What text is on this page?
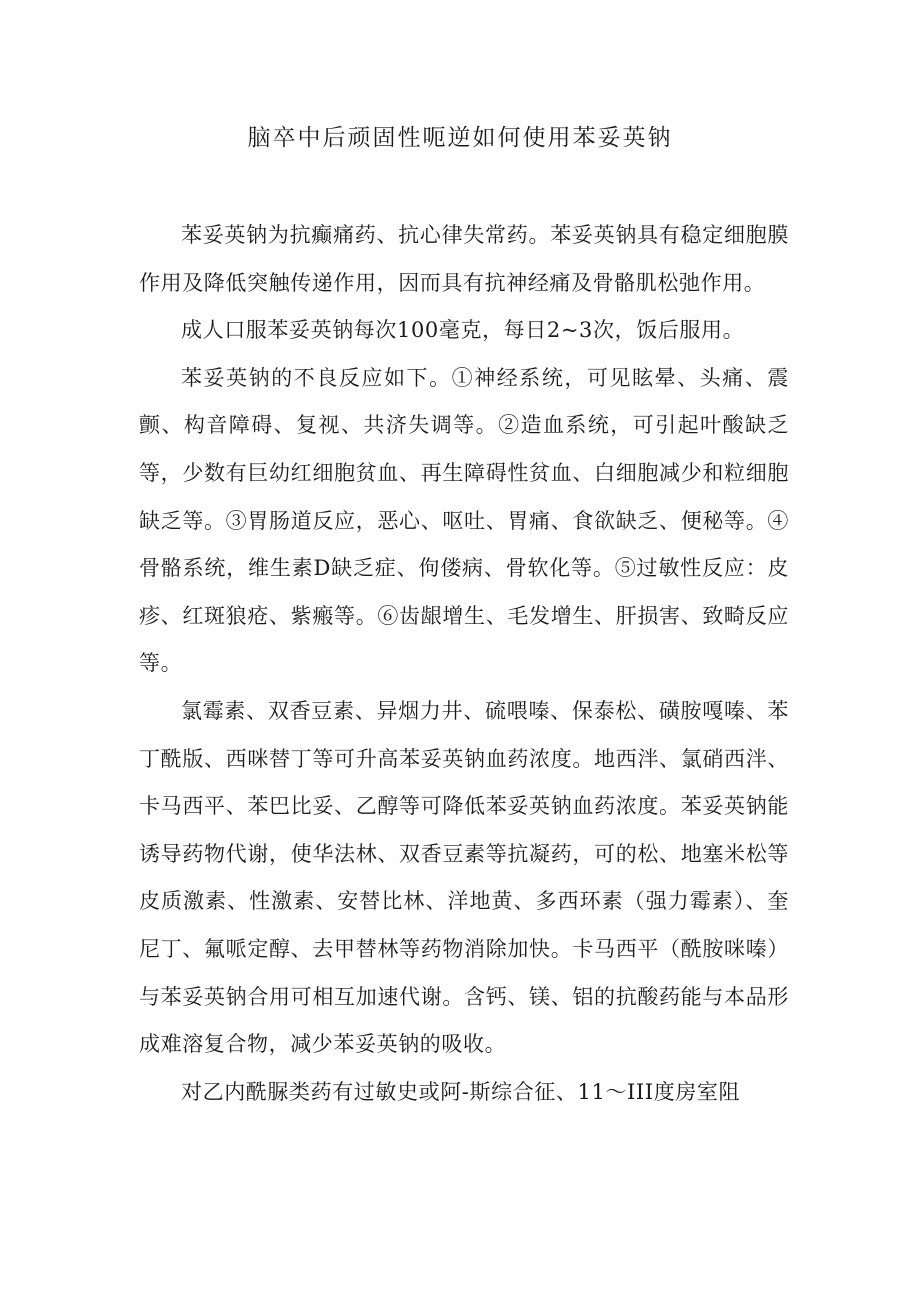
脑卒中后顽固性呃逆如何使用苯妥英钠

苯妥英钠为抗癫痛药、抗心律失常药。苯妥英钠具有稳定细胞膜作用及降低突触传递作用，因而具有抗神经痛及骨骼肌松弛作用。

成人口服苯妥英钠每次100毫克，每日2~3次，饭后服用。

苯妥英钠的不良反应如下。①神经系统，可见眩晕、头痛、震颤、构音障碍、复视、共济失调等。②造血系统，可引起叶酸缺乏等，少数有巨幼红细胞贫血、再生障碍性贫血、白细胞减少和粒细胞缺乏等。③胃肠道反应，恶心、呕吐、胃痛、食欲缺乏、便秘等。④骨骼系统，维生素D缺乏症、佝偻病、骨软化等。⑤过敏性反应：皮疹、红斑狼疮、紫瘢等。⑥齿龈增生、毛发增生、肝损害、致畸反应等。

氯霉素、双香豆素、异烟力井、硫喂嗪、保泰松、磺胺嘎嗪、苯丁酰版、西咪替丁等可升高苯妥英钠血药浓度。地西泮、氯硝西泮、卡马西平、苯巴比妥、乙醇等可降低苯妥英钠血药浓度。苯妥英钠能诱导药物代谢，使华法林、双香豆素等抗凝药，可的松、地塞米松等皮质激素、性激素、安替比林、洋地黄、多西环素（强力霉素）、奎尼丁、氟哌定醇、去甲替林等药物消除加快。卡马西平（酰胺咪嗪）与苯妥英钠合用可相互加速代谢。含钙、镁、铝的抗酸药能与本品形成难溶复合物，减少苯妥英钠的吸收。

对乙内酰脲类药有过敏史或阿-斯综合征、11～III度房室阻
